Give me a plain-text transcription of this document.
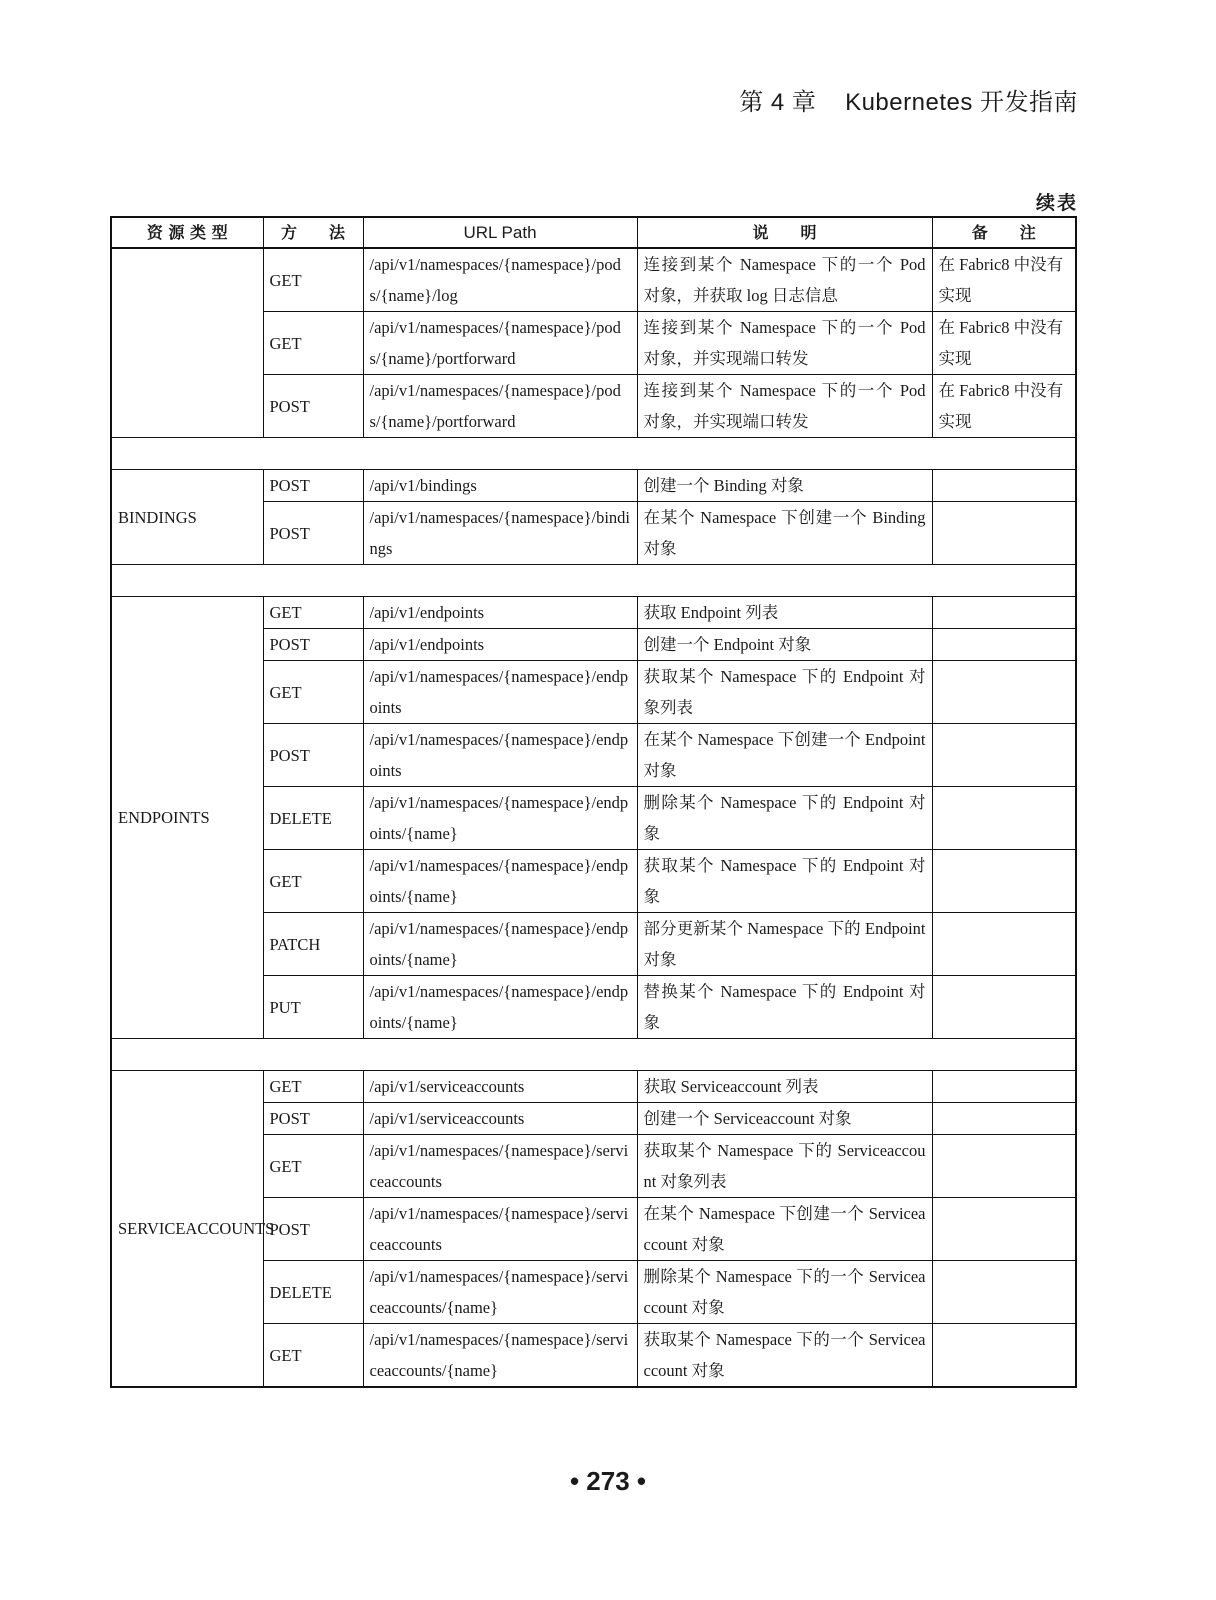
第 4 章 Kubernetes 开发指南
续表
资 源 类 型	方　　法	URL Path	说　　明	备　　注
	GET	/api/v1/namespaces/{namespace}/pods/{name}/log	连接到某个 Namespace 下的一个 Pod 对象，并获取 log 日志信息	在 Fabric8 中没有实现
	GET	/api/v1/namespaces/{namespace}/pods/{name}/portforward	连接到某个 Namespace 下的一个 Pod 对象，并实现端口转发	在 Fabric8 中没有实现
	POST	/api/v1/namespaces/{namespace}/pods/{name}/portforward	连接到某个 Namespace 下的一个 Pod 对象，并实现端口转发	在 Fabric8 中没有实现

BINDINGS	POST	/api/v1/bindings	创建一个 Binding 对象	
	POST	/api/v1/namespaces/{namespace}/bindings	在某个 Namespace 下创建一个 Binding 对象	

ENDPOINTS	GET	/api/v1/endpoints	获取 Endpoint 列表	
	POST	/api/v1/endpoints	创建一个 Endpoint 对象	
	GET	/api/v1/namespaces/{namespace}/endpoints	获取某个 Namespace 下的 Endpoint 对象列表	
	POST	/api/v1/namespaces/{namespace}/endpoints	在某个 Namespace 下创建一个 Endpoint 对象	
	DELETE	/api/v1/namespaces/{namespace}/endpoints/{name}	删除某个 Namespace 下的 Endpoint 对象	
	GET	/api/v1/namespaces/{namespace}/endpoints/{name}	获取某个 Namespace 下的 Endpoint 对象	
	PATCH	/api/v1/namespaces/{namespace}/endpoints/{name}	部分更新某个 Namespace 下的 Endpoint 对象	
	PUT	/api/v1/namespaces/{namespace}/endpoints/{name}	替换某个 Namespace 下的 Endpoint 对象	

SERVICEACCOUNTS	GET	/api/v1/serviceaccounts	获取 Serviceaccount 列表	
	POST	/api/v1/serviceaccounts	创建一个 Serviceaccount 对象	
	GET	/api/v1/namespaces/{namespace}/serviceaccounts	获取某个 Namespace 下的 Serviceaccount 对象列表	
	POST	/api/v1/namespaces/{namespace}/serviceaccounts	在某个 Namespace 下创建一个 Serviceaccount 对象	
	DELETE	/api/v1/namespaces/{namespace}/serviceaccounts/{name}	删除某个 Namespace 下的一个 Serviceaccount 对象	
	GET	/api/v1/namespaces/{namespace}/serviceaccounts/{name}	获取某个 Namespace 下的一个 Serviceaccount 对象	
• 273 •
